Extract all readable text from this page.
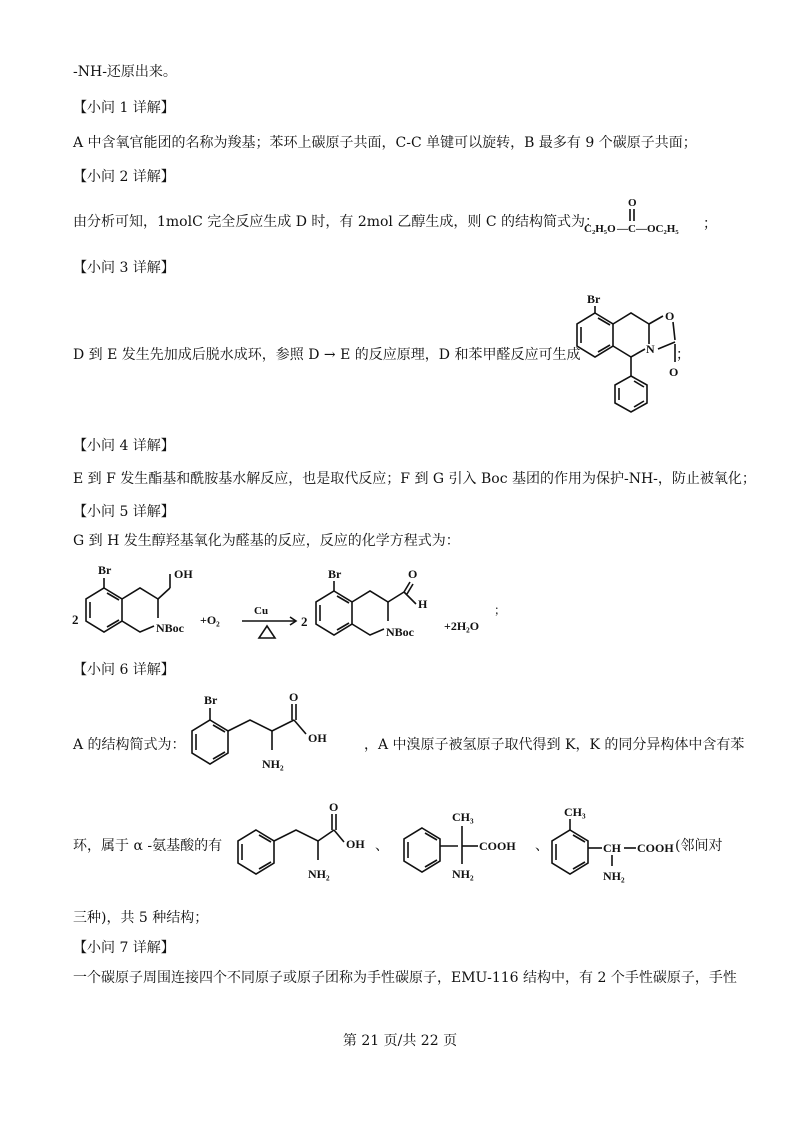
-NH-还原出来。
【小问 1 详解】
A 中含氧官能团的名称为羧基；苯环上碳原子共面，C-C 单键可以旋转，B 最多有 9 个碳原子共面；
【小问 2 详解】
由分析可知，1molC 完全反应生成 D 时，有 2mol 乙醇生成，则 C 的结构简式为：
【小问 3 详解】
D 到 E 发生先加成后脱水成环，参照 D → E 的反应原理，D 和苯甲醛反应可生成
【小问 4 详解】
E 到 F 发生酯基和酰胺基水解反应，也是取代反应；F 到 G 引入 Boc 基团的作用为保护-NH-，防止被氧化；
【小问 5 详解】
G 到 H 发生醇羟基氧化为醛基的反应，反应的化学方程式为：
【小问 6 详解】
A 的结构简式为：	，A 中溴原子被氢原子取代得到 K，K 的同分异构体中含有苯
环，属于 α -氨基酸的有	(邻间对
三种)，共 5 种结构；
【小问 7 详解】
一个碳原子周围连接四个不同原子或原子团称为手性碳原子，EMU-116 结构中，有 2 个手性碳原子，手性
O
C₂H₅O —C— OC₂H₅ ；
Br
N
O
O
；
2
Br	OH
NBoc
+O₂
Cu
2
Br	O
H
NBoc	+2H₂O
；
Br
NH₂
O
OH
NH₂
O
OH 、
CH₃
COOH
NH₂
、
CH₃
CH COOH
NH₂
第 21 页/共 22 页
